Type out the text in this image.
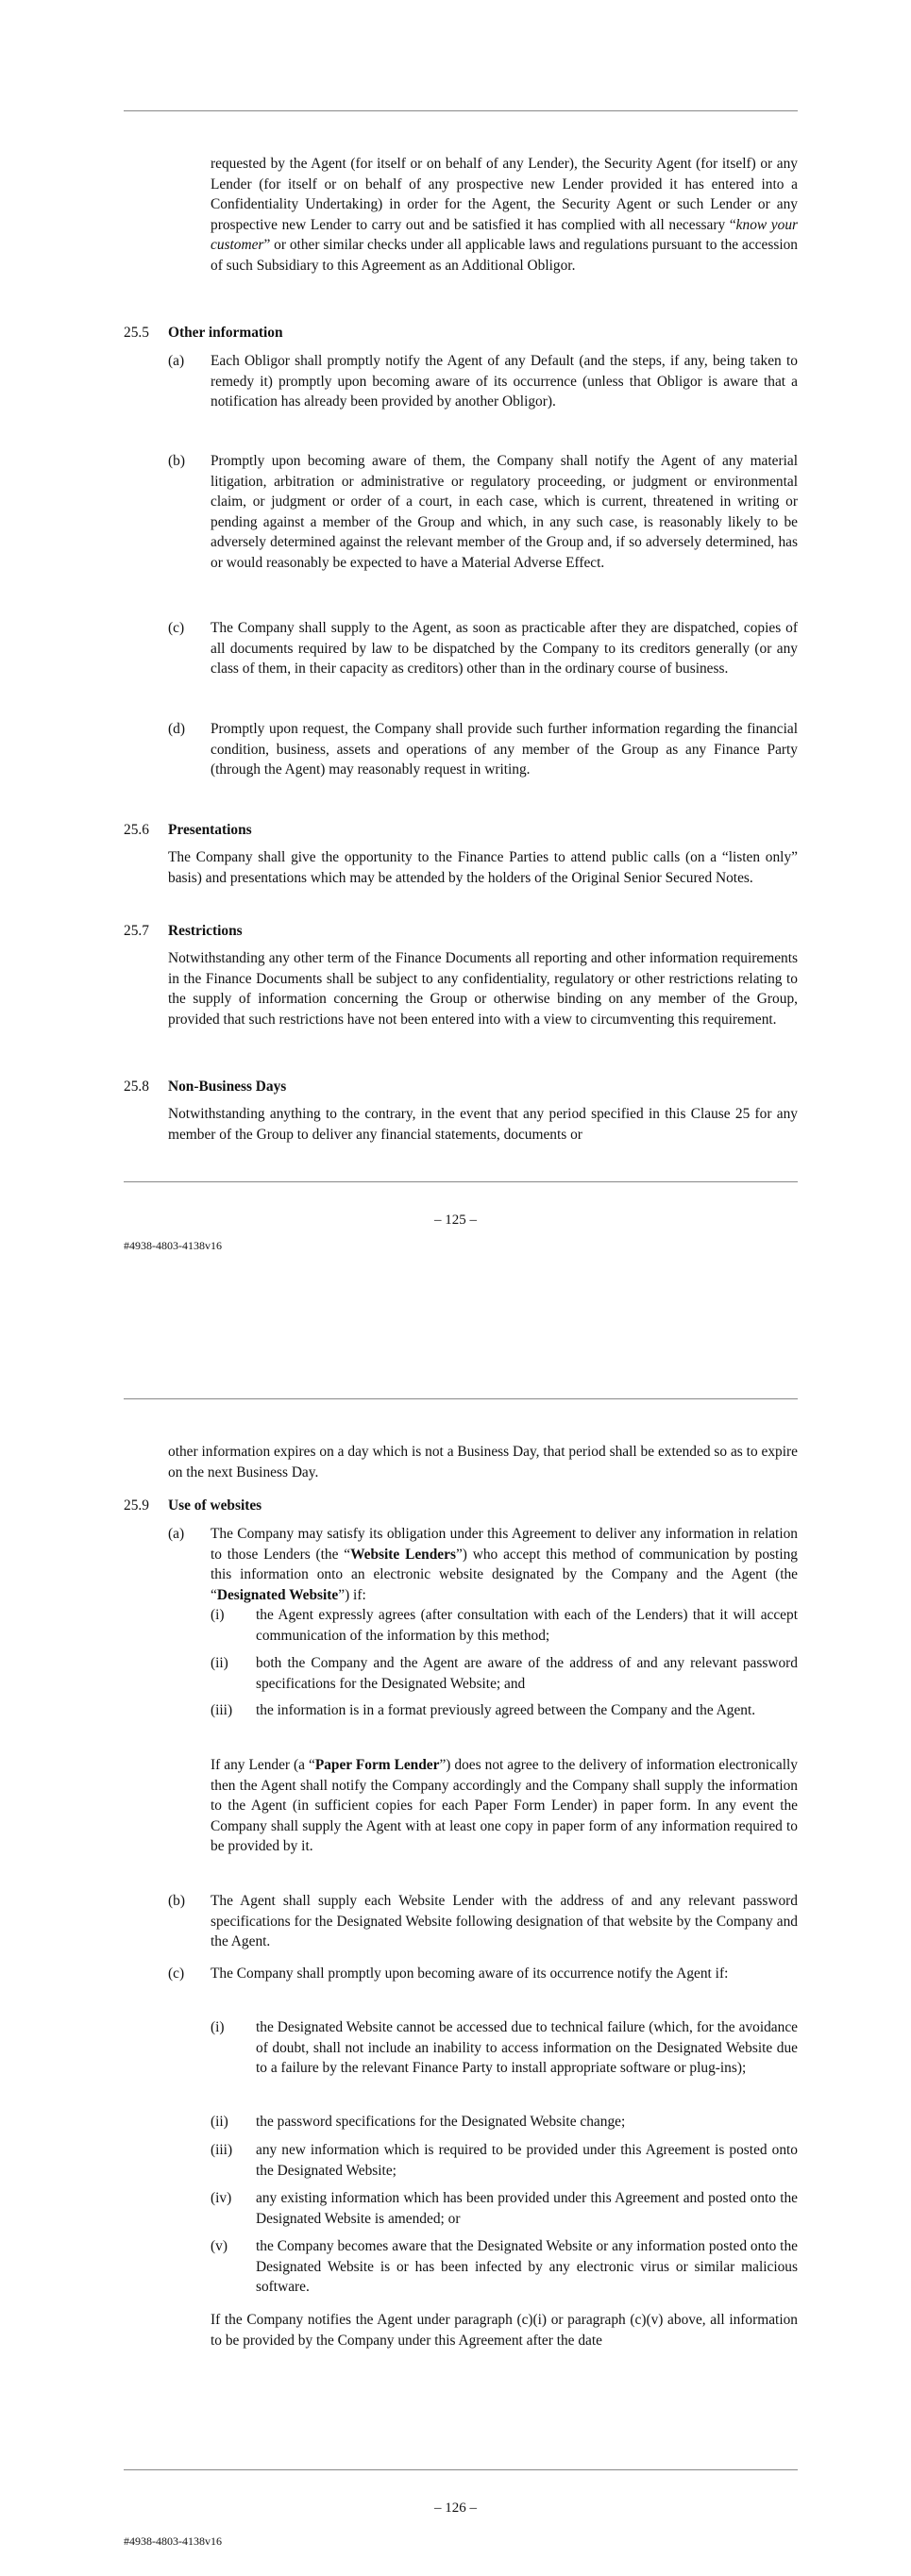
requested by the Agent (for itself or on behalf of any Lender), the Security Agent (for itself) or any Lender (for itself or on behalf of any prospective new Lender provided it has entered into a Confidentiality Undertaking) in order for the Agent, the Security Agent or such Lender or any prospective new Lender to carry out and be satisfied it has complied with all necessary “know your customer” or other similar checks under all applicable laws and regulations pursuant to the accession of such Subsidiary to this Agreement as an Additional Obligor.
25.5 Other information
(a) Each Obligor shall promptly notify the Agent of any Default (and the steps, if any, being taken to remedy it) promptly upon becoming aware of its occurrence (unless that Obligor is aware that a notification has already been provided by another Obligor).
(b) Promptly upon becoming aware of them, the Company shall notify the Agent of any material litigation, arbitration or administrative or regulatory proceeding, or judgment or environmental claim, or judgment or order of a court, in each case, which is current, threatened in writing or pending against a member of the Group and which, in any such case, is reasonably likely to be adversely determined against the relevant member of the Group and, if so adversely determined, has or would reasonably be expected to have a Material Adverse Effect.
(c) The Company shall supply to the Agent, as soon as practicable after they are dispatched, copies of all documents required by law to be dispatched by the Company to its creditors generally (or any class of them, in their capacity as creditors) other than in the ordinary course of business.
(d) Promptly upon request, the Company shall provide such further information regarding the financial condition, business, assets and operations of any member of the Group as any Finance Party (through the Agent) may reasonably request in writing.
25.6 Presentations
The Company shall give the opportunity to the Finance Parties to attend public calls (on a “listen only” basis) and presentations which may be attended by the holders of the Original Senior Secured Notes.
25.7 Restrictions
Notwithstanding any other term of the Finance Documents all reporting and other information requirements in the Finance Documents shall be subject to any confidentiality, regulatory or other restrictions relating to the supply of information concerning the Group or otherwise binding on any member of the Group, provided that such restrictions have not been entered into with a view to circumventing this requirement.
25.8 Non-Business Days
Notwithstanding anything to the contrary, in the event that any period specified in this Clause 25 for any member of the Group to deliver any financial statements, documents or
– 125 –
#4938-4803-4138v16
other information expires on a day which is not a Business Day, that period shall be extended so as to expire on the next Business Day.
25.9 Use of websites
(a) The Company may satisfy its obligation under this Agreement to deliver any information in relation to those Lenders (the “Website Lenders”) who accept this method of communication by posting this information onto an electronic website designated by the Company and the Agent (the “Designated Website”) if:
(i) the Agent expressly agrees (after consultation with each of the Lenders) that it will accept communication of the information by this method;
(ii) both the Company and the Agent are aware of the address of and any relevant password specifications for the Designated Website; and
(iii) the information is in a format previously agreed between the Company and the Agent.
If any Lender (a “Paper Form Lender”) does not agree to the delivery of information electronically then the Agent shall notify the Company accordingly and the Company shall supply the information to the Agent (in sufficient copies for each Paper Form Lender) in paper form. In any event the Company shall supply the Agent with at least one copy in paper form of any information required to be provided by it.
(b) The Agent shall supply each Website Lender with the address of and any relevant password specifications for the Designated Website following designation of that website by the Company and the Agent.
(c) The Company shall promptly upon becoming aware of its occurrence notify the Agent if:
(i) the Designated Website cannot be accessed due to technical failure (which, for the avoidance of doubt, shall not include an inability to access information on the Designated Website due to a failure by the relevant Finance Party to install appropriate software or plug-ins);
(ii) the password specifications for the Designated Website change;
(iii) any new information which is required to be provided under this Agreement is posted onto the Designated Website;
(iv) any existing information which has been provided under this Agreement and posted onto the Designated Website is amended; or
(v) the Company becomes aware that the Designated Website or any information posted onto the Designated Website is or has been infected by any electronic virus or similar malicious software.
If the Company notifies the Agent under paragraph (c)(i) or paragraph (c)(v) above, all information to be provided by the Company under this Agreement after the date
– 126 –
#4938-4803-4138v16
